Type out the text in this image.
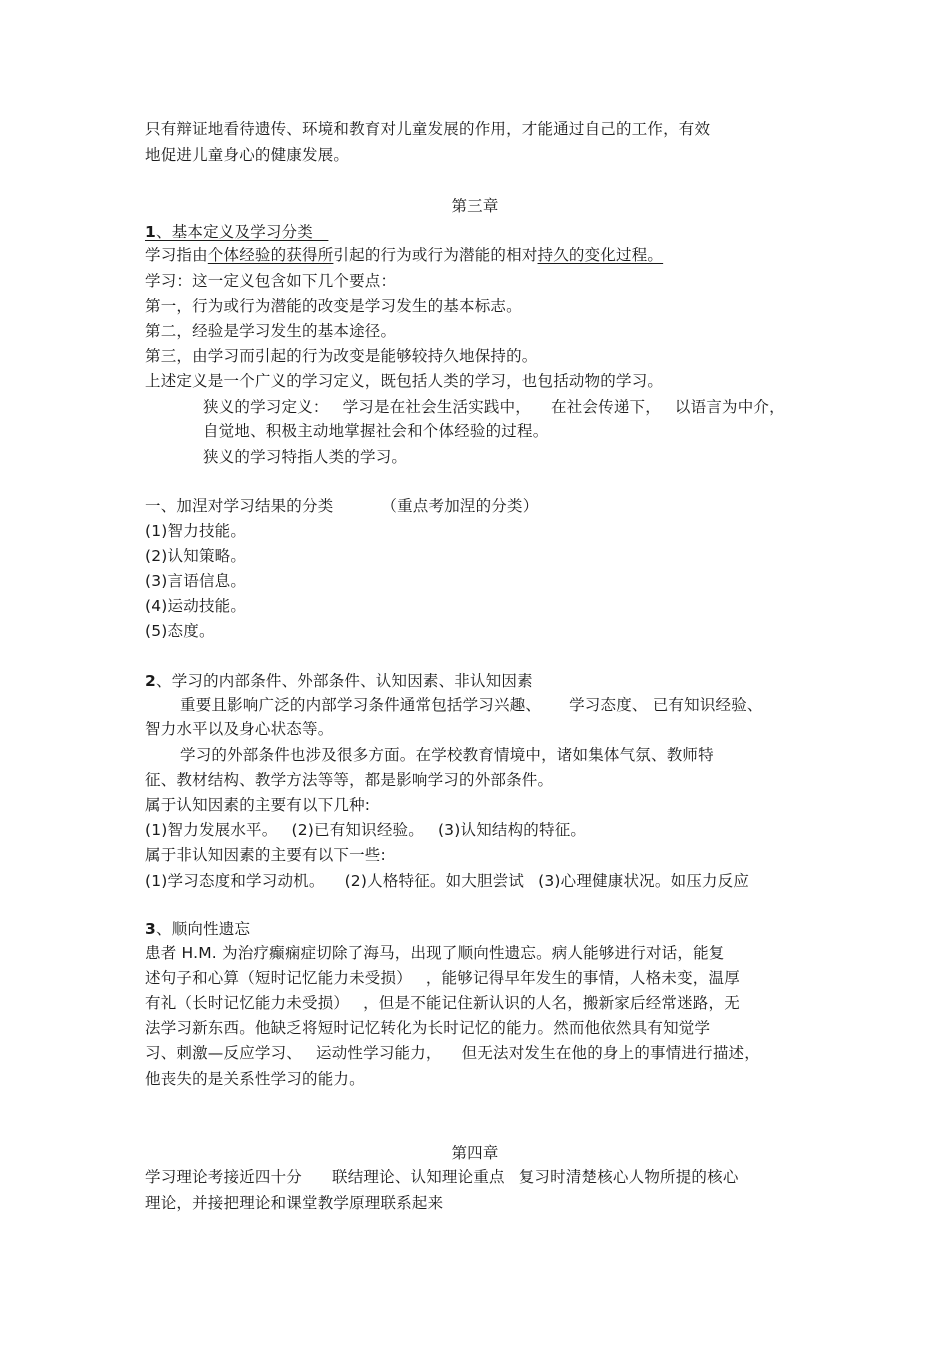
只有辩证地看待遗传、环境和教育对儿童发展的作用，才能通过自己的工作，有效
地促进儿童身心的健康发展。
第三章
1、基本定义及学习分类
学习指由个体经验的获得所引起的行为或行为潜能的相对持久的变化过程。
学习：这一定义包含如下几个要点：
第一，行为或行为潜能的改变是学习发生的基本标志。
第二，经验是学习发生的基本途径。
第三，由学习而引起的行为改变是能够较持久地保持的。
上述定义是一个广义的学习定义，既包括人类的学习，也包括动物的学习。
狭义的学习定义： 学习是在社会生活实践中， 在社会传递下， 以语言为中介，
自觉地、积极主动地掌握社会和个体经验的过程。
狭义的学习特指人类的学习。
一、加涅对学习结果的分类	（重点考加涅的分类）
(1)智力技能。
(2)认知策略。
(3)言语信息。
(4)运动技能。
(5)态度。
2、学习的内部条件、外部条件、认知因素、非认知因素
重要且影响广泛的内部学习条件通常包括学习兴趣、 学习态度、 已有知识经验、
智力水平以及身心状态等。
学习的外部条件也涉及很多方面。在学校教育情境中，诸如集体气氛、教师特
征、教材结构、教学方法等等，都是影响学习的外部条件。
属于认知因素的主要有以下几种:
(1)智力发展水平。 (2)已有知识经验。 (3)认知结构的特征。
属于非认知因素的主要有以下一些:
(1)学习态度和学习动机。 (2)人格特征。如大胆尝试 (3)心理健康状况。如压力反应
3、顺向性遗忘
患者 H.M. 为治疗癫痫症切除了海马，出现了顺向性遗忘。病人能够进行对话，能复
述句子和心算（短时记忆能力未受损） ，能够记得早年发生的事情，人格未变，温厚
有礼（长时记忆能力未受损） ，但是不能记住新认识的人名，搬新家后经常迷路，无
法学习新东西。他缺乏将短时记忆转化为长时记忆的能力。然而他依然具有知觉学
习、刺激—反应学习、 运动性学习能力， 但无法对发生在他的身上的事情进行描述，
他丧失的是关系性学习的能力。
第四章
学习理论考接近四十分 联结理论、认知理论重点 复习时清楚核心人物所提的核心
理论，并接把理论和课堂教学原理联系起来
